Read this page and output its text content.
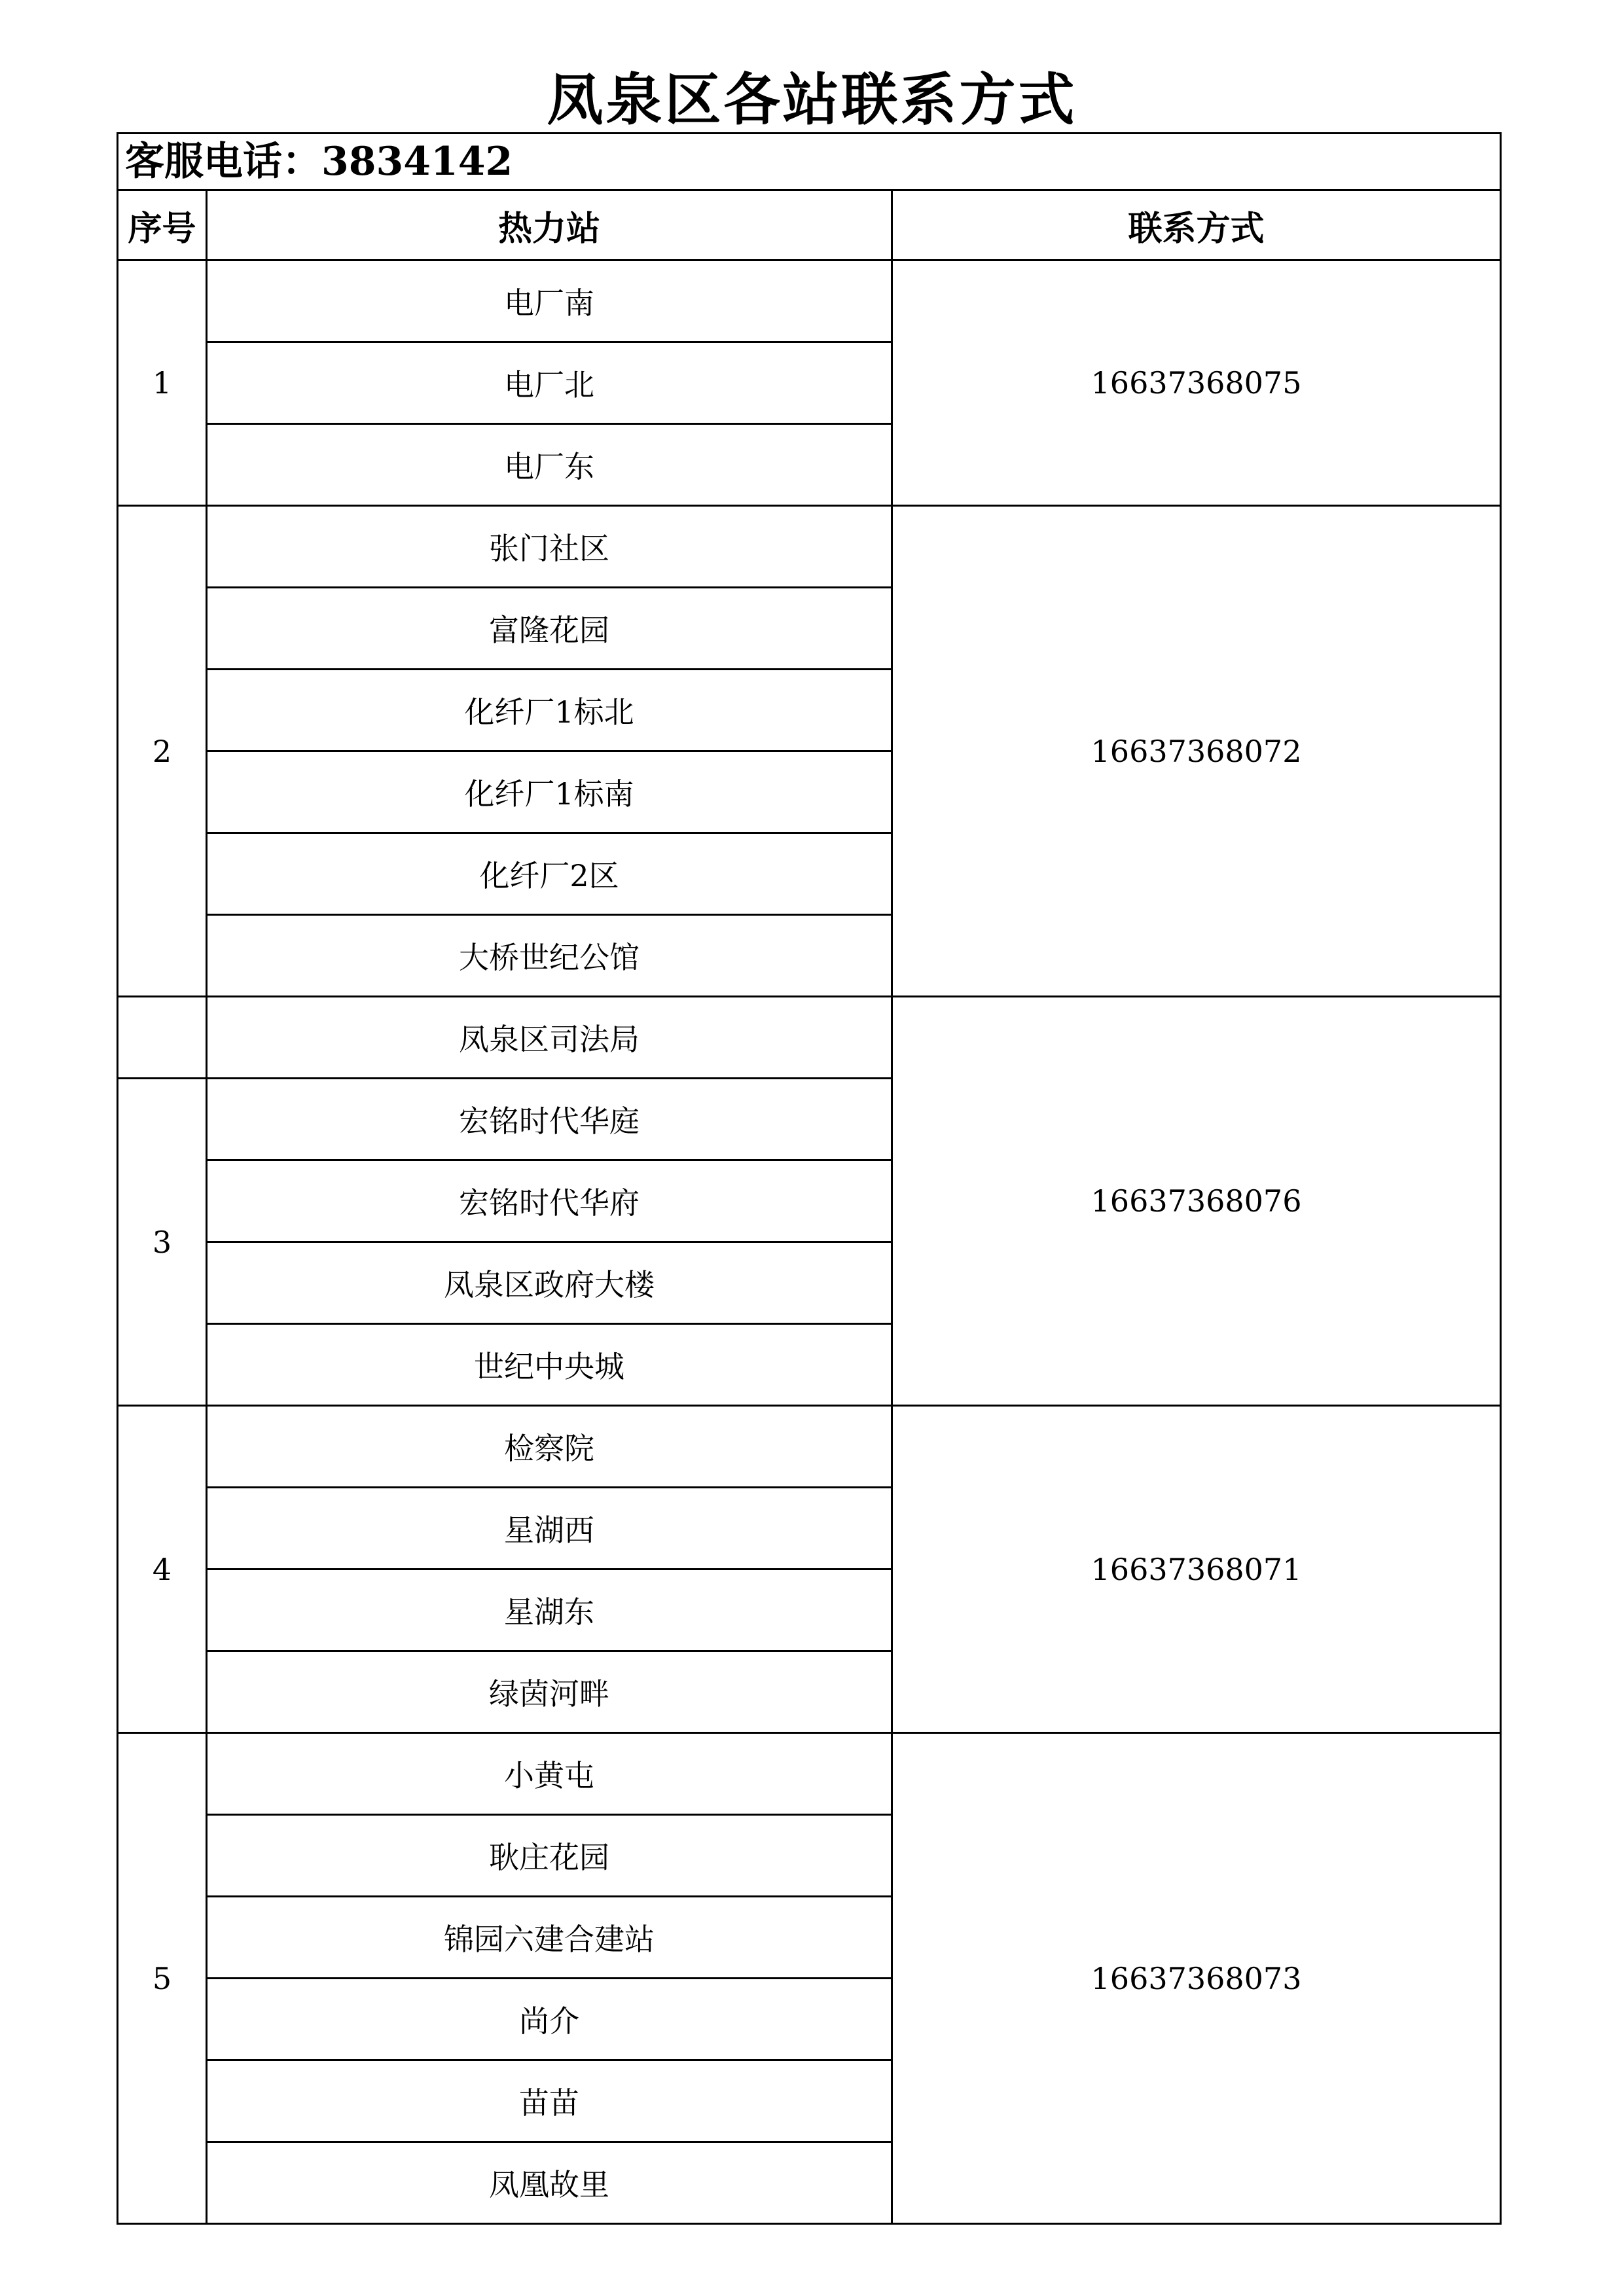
凤泉区各站联系方式
客服电话：3834142		
序号	热力站	联系方式
1	电厂南	16637368075
	电厂北	
	电厂东	
2	张门社区	16637368072
	富隆花园	
	化纤厂1标北	
	化纤厂1标南	
	化纤厂2区	
	大桥世纪公馆	
	凤泉区司法局	16637368076
3	宏铭时代华庭	
	宏铭时代华府	
	凤泉区政府大楼	
	世纪中央城	
4	检察院	16637368071
	星湖西	
	星湖东	
	绿茵河畔	
5	小黄屯	16637368073
	耿庄花园	
	锦园六建合建站	
	尚介	
	苗苗	
	凤凰故里	
